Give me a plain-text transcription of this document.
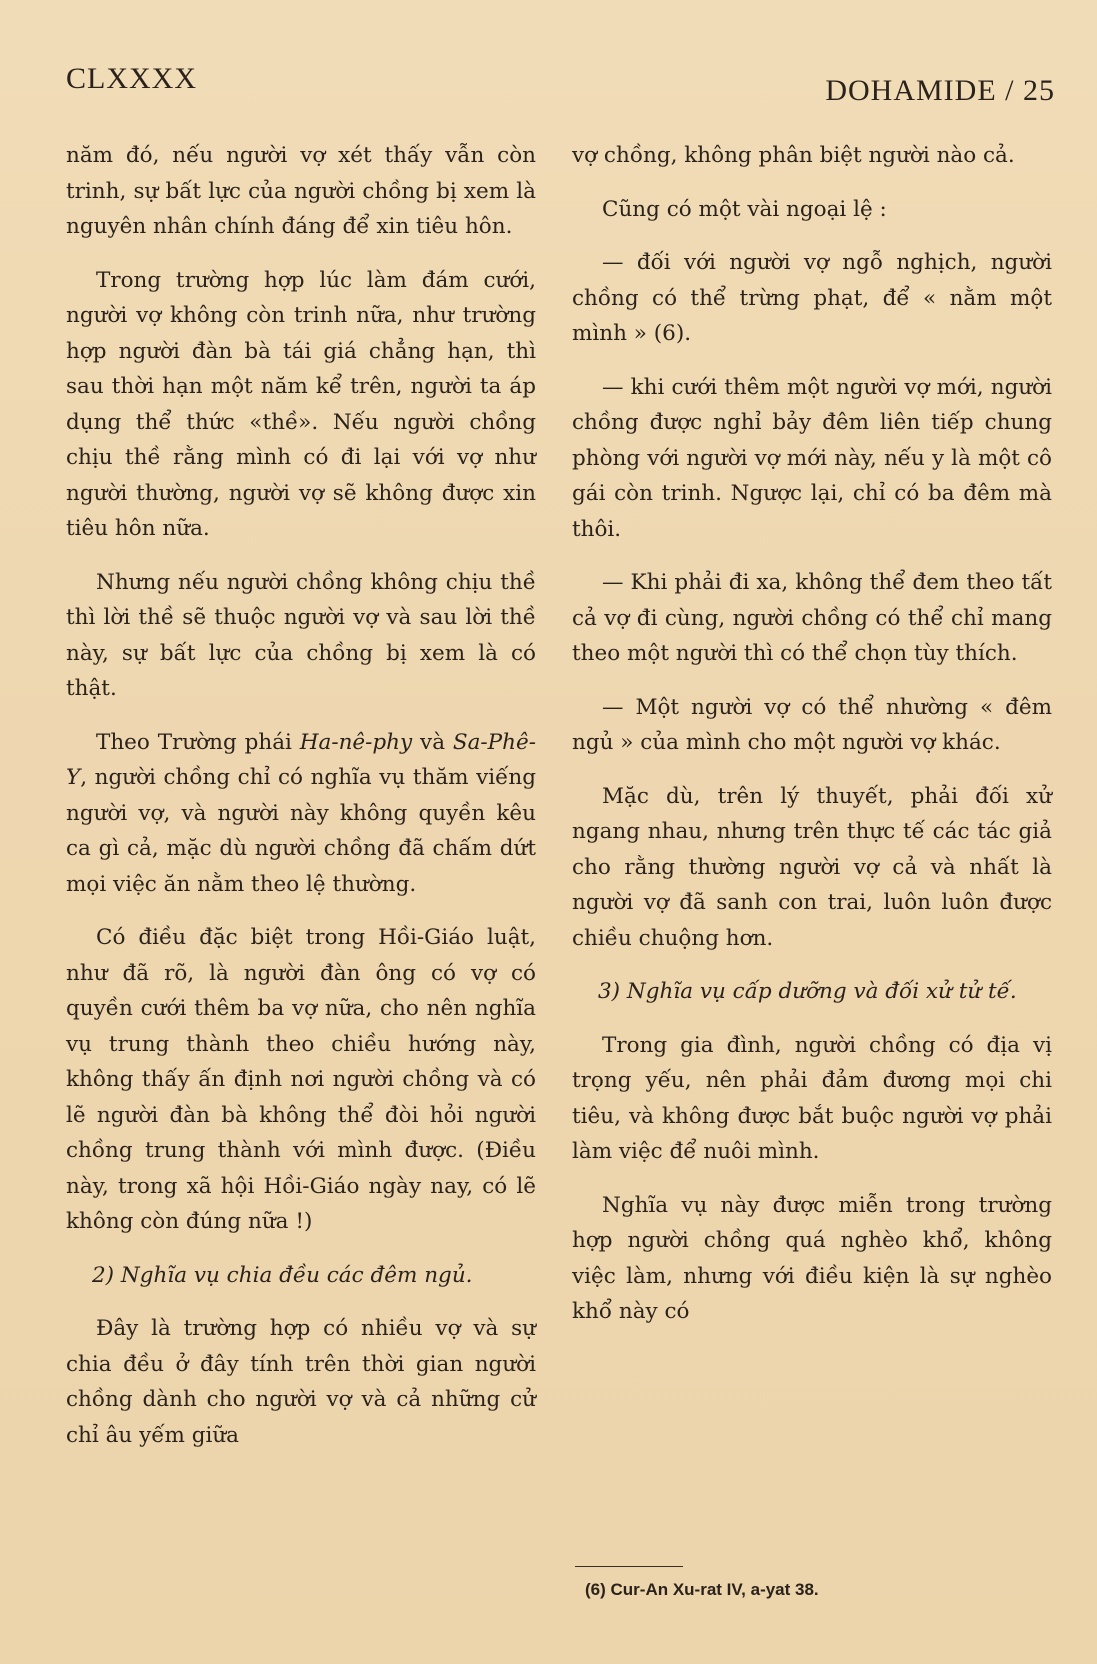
CLXXXX	DOHAMIDE / 25

năm đó, nếu người vợ xét thấy vẫn còn trinh, sự bất lực của người chồng bị xem là nguyên nhân chính đáng để xin tiêu hôn.

Trong trường hợp lúc làm đám cưới, người vợ không còn trinh nữa, như trường hợp người đàn bà tái giá chẳng hạn, thì sau thời hạn một năm kể trên, người ta áp dụng thể thức «thề». Nếu người chồng chịu thề rằng mình có đi lại với vợ như người thường, người vợ sẽ không được xin tiêu hôn nữa.

Nhưng nếu người chồng không chịu thề thì lời thề sẽ thuộc người vợ và sau lời thề này, sự bất lực của chồng bị xem là có thật.

Theo Trường phái Ha-nê-phy và Sa-Phê-Y, người chồng chỉ có nghĩa vụ thăm viếng người vợ, và người này không quyền kêu ca gì cả, mặc dù người chồng đã chấm dứt mọi việc ăn nằm theo lệ thường.

Có điều đặc biệt trong Hồi-Giáo luật, như đã rõ, là người đàn ông có vợ có quyền cưới thêm ba vợ nữa, cho nên nghĩa vụ trung thành theo chiều hướng này, không thấy ấn định nơi người chồng và có lẽ người đàn bà không thể đòi hỏi người chồng trung thành với mình được. (Điều này, trong xã hội Hồi-Giáo ngày nay, có lẽ không còn đúng nữa !)

2) Nghĩa vụ chia đều các đêm ngủ.

Đây là trường hợp có nhiều vợ và sự chia đều ở đây tính trên thời gian người chồng dành cho người vợ và cả những cử chỉ âu yếm giữa

vợ chồng, không phân biệt người nào cả.

Cũng có một vài ngoại lệ :

— đối với người vợ ngỗ nghịch, người chồng có thể trừng phạt, để « nằm một mình » (6).

— khi cưới thêm một người vợ mới, người chồng được nghỉ bảy đêm liên tiếp chung phòng với người vợ mới này, nếu y là một cô gái còn trinh. Ngược lại, chỉ có ba đêm mà thôi.

— Khi phải đi xa, không thể đem theo tất cả vợ đi cùng, người chồng có thể chỉ mang theo một người thì có thể chọn tùy thích.

— Một người vợ có thể nhường « đêm ngủ » của mình cho một người vợ khác.

Mặc dù, trên lý thuyết, phải đối xử ngang nhau, nhưng trên thực tế các tác giả cho rằng thường người vợ cả và nhất là người vợ đã sanh con trai, luôn luôn được chiều chuộng hơn.

3) Nghĩa vụ cấp dưỡng và đối xử tử tế.

Trong gia đình, người chồng có địa vị trọng yếu, nên phải đảm đương mọi chi tiêu, và không được bắt buộc người vợ phải làm việc để nuôi mình.

Nghĩa vụ này được miễn trong trường hợp người chồng quá nghèo khổ, không việc làm, nhưng với điều kiện là sự nghèo khổ này có

(6) Cur-An Xu-rat IV, a-yat 38.
